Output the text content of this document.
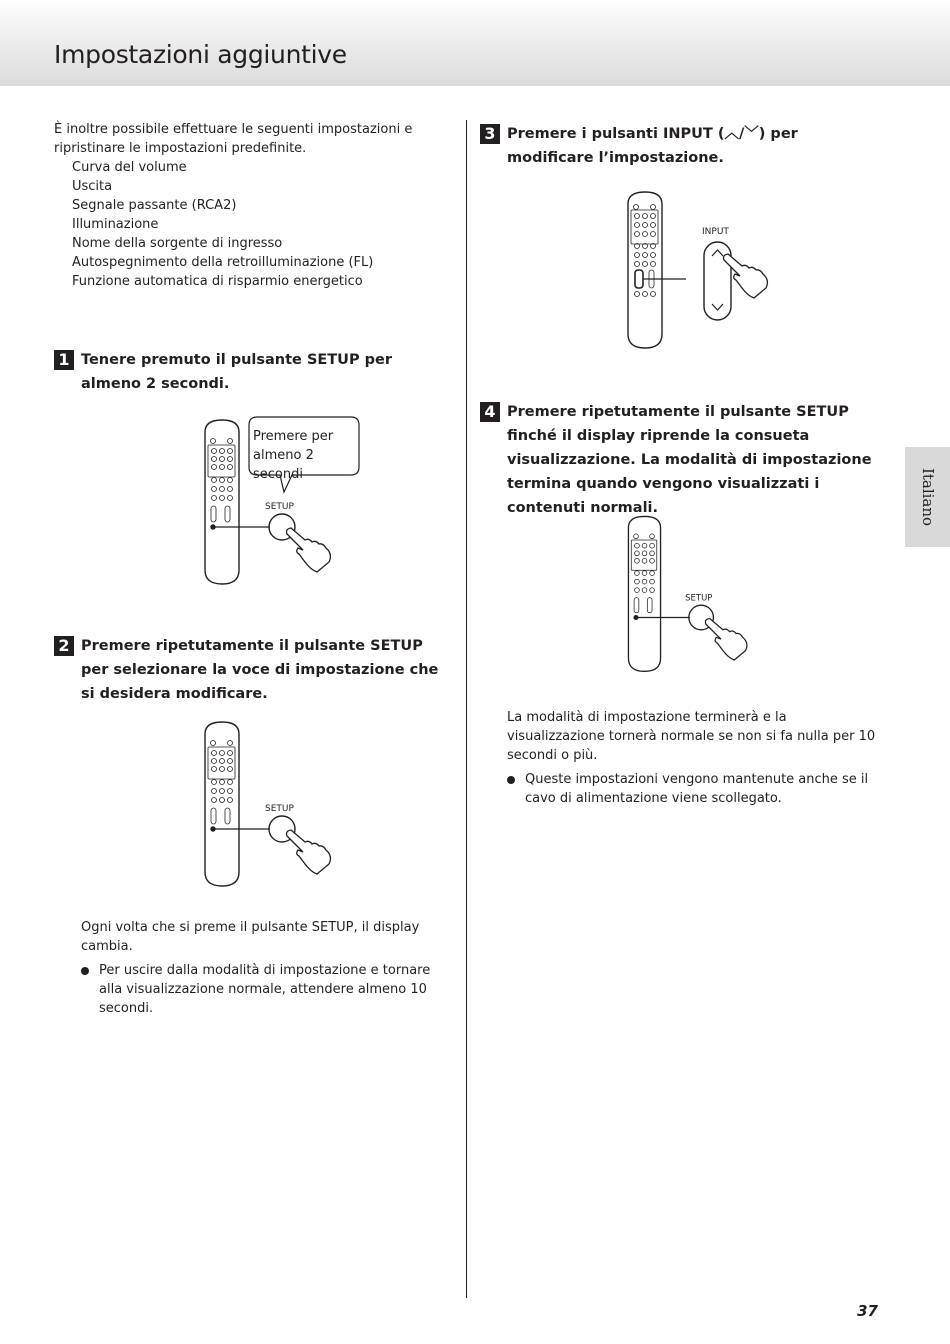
Impostazioni aggiuntive
Italiano

È inoltre possibile effettuare le seguenti impostazioni e ripristinare le impostazioni predefinite.

Curva del volume
Uscita
Segnale passante (RCA2)
Illuminazione
Nome della sorgente di ingresso
Autospegnimento della retroilluminazione (FL)
Funzione automatica di risparmio energetico
1 Tenere premuto il pulsante SETUP per almeno 2 secondi.
SETUP
Premere per almeno 2 secondi
2 Premere ripetutamente il pulsante SETUP per selezionare la voce di impostazione che si desidera modificare.
SETUP
Ogni volta che si preme il pulsante SETUP, il display cambia.
Per uscire dalla modalità di impostazione e tornare alla visualizzazione normale, attendere almeno 10 secondi.
3 Premere i pulsanti INPUT (︿/﹀) per modificare l’impostazione.
INPUT
4 Premere ripetutamente il pulsante SETUP finché il display riprende la consueta visualizzazione. La modalità di impostazione termina quando vengono visualizzati i contenuti normali.
SETUP
La modalità di impostazione terminerà e la visualizzazione tornerà normale se non si fa nulla per 10 secondi o più.
Queste impostazioni vengono mantenute anche se il cavo di alimentazione viene scollegato.
37
